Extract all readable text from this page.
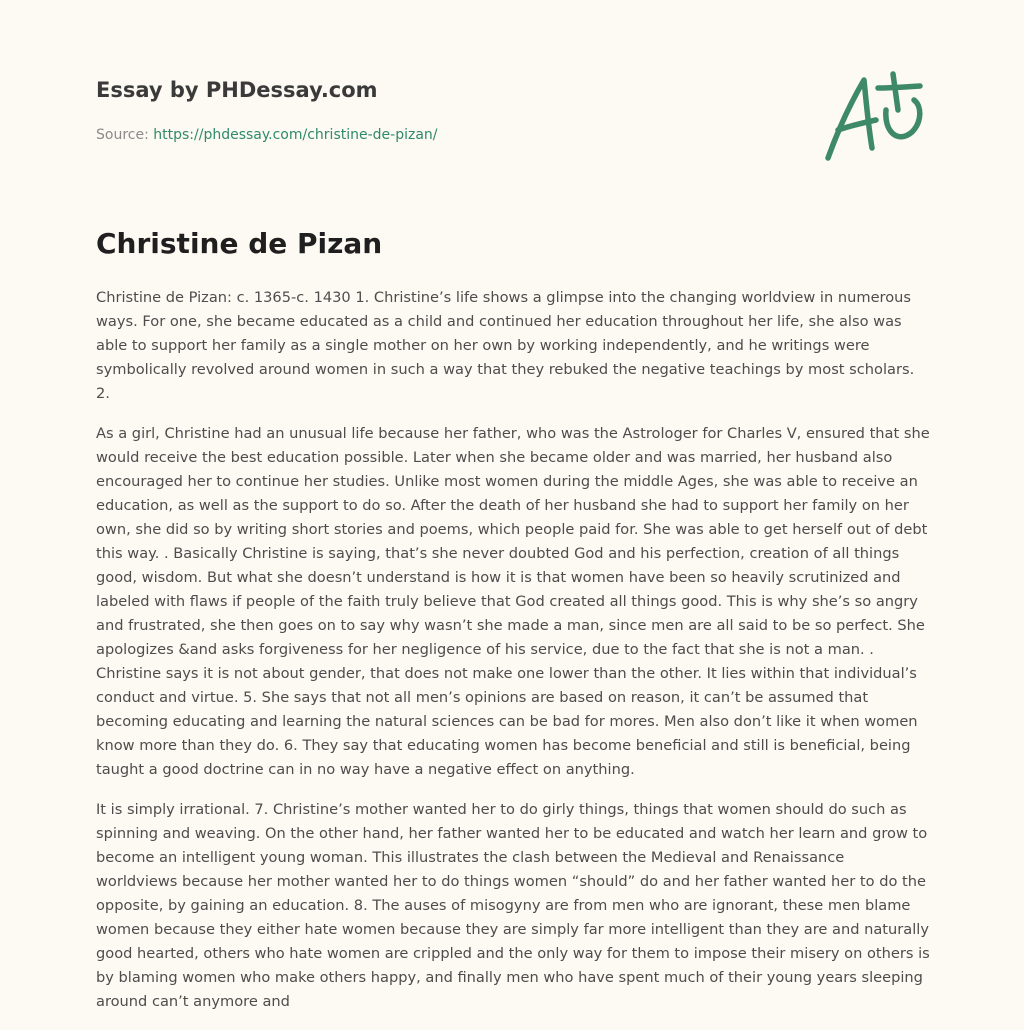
Essay by PHDessay.com
Source: https://phdessay.com/christine-de-pizan/
Christine de Pizan

Christine de Pizan: c. 1365-c. 1430 1. Christine’s life shows a glimpse into the changing worldview in numerous ways. For one, she became educated as a child and continued her education throughout her life, she also was able to support her family as a single mother on her own by working independently, and he writings were symbolically revolved around women in such a way that they rebuked the negative teachings by most scholars. 2.

As a girl, Christine had an unusual life because her father, who was the Astrologer for Charles V, ensured that she would receive the best education possible. Later when she became older and was married, her husband also encouraged her to continue her studies. Unlike most women during the middle Ages, she was able to receive an education, as well as the support to do so. After the death of her husband she had to support her family on her own, she did so by writing short stories and poems, which people paid for. She was able to get herself out of debt this way. . Basically Christine is saying, that’s she never doubted God and his perfection, creation of all things good, wisdom. But what she doesn’t understand is how it is that women have been so heavily scrutinized and labeled with flaws if people of the faith truly believe that God created all things good. This is why she’s so angry and frustrated, she then goes on to say why wasn’t she made a man, since men are all said to be so perfect. She apologizes &and asks forgiveness for her negligence of his service, due to the fact that she is not a man. . Christine says it is not about gender, that does not make one lower than the other. It lies within that individual’s conduct and virtue. 5. She says that not all men’s opinions are based on reason, it can’t be assumed that becoming educating and learning the natural sciences can be bad for mores. Men also don’t like it when women know more than they do. 6. They say that educating women has become beneficial and still is beneficial, being taught a good doctrine can in no way have a negative effect on anything.

It is simply irrational. 7. Christine’s mother wanted her to do girly things, things that women should do such as spinning and weaving. On the other hand, her father wanted her to be educated and watch her learn and grow to become an intelligent young woman. This illustrates the clash between the Medieval and Renaissance worldviews because her mother wanted her to do things women “should” do and her father wanted her to do the opposite, by gaining an education. 8. The auses of misogyny are from men who are ignorant, these men blame women because they either hate women because they are simply far more intelligent than they are and naturally good hearted, others who hate women are crippled and the only way for them to impose their misery on others is by blaming women who make others happy, and finally men who have spent much of their young years sleeping around can’t anymore and
